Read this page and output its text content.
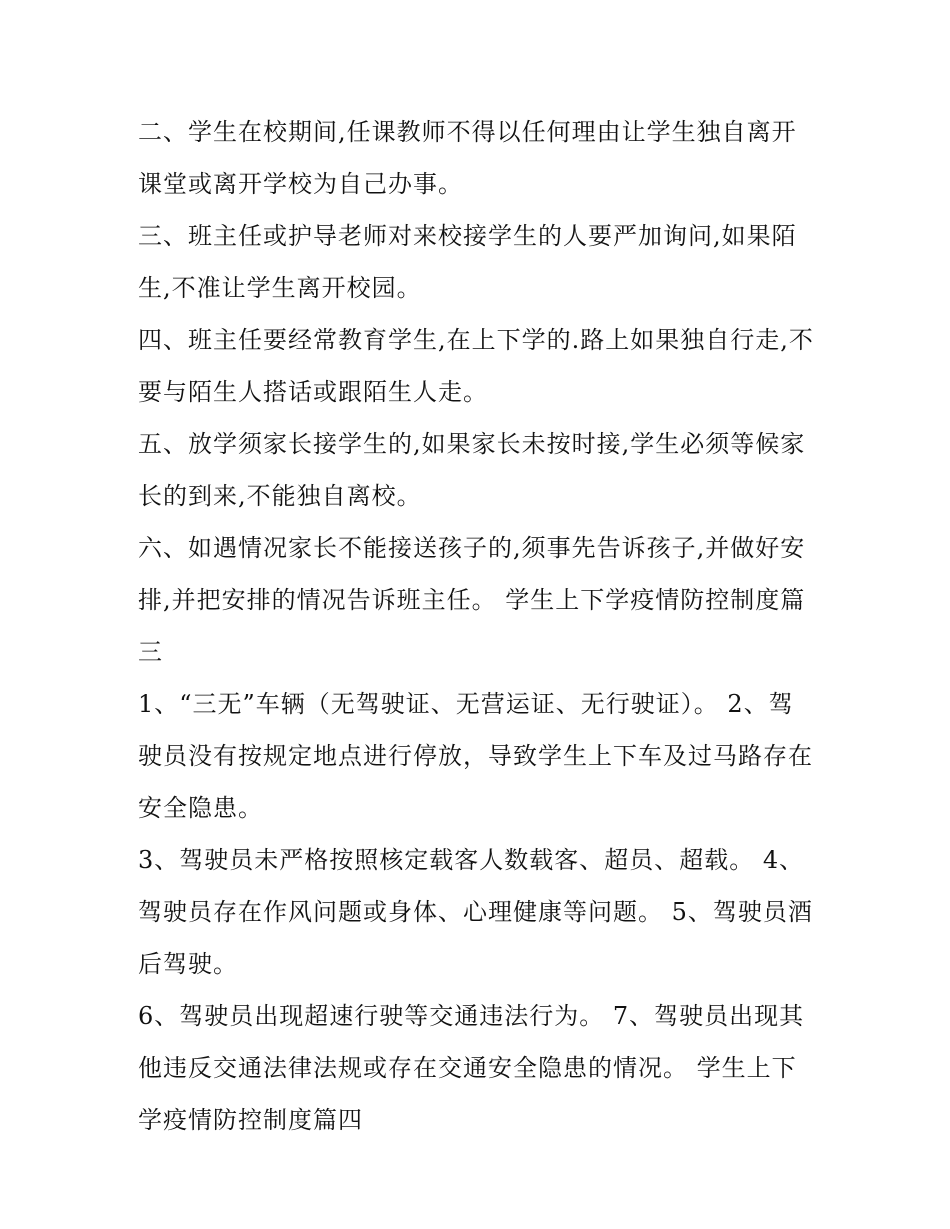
二、学生在校期间,任课教师不得以任何理由让学生独自离开课堂或离开学校为自己办事。

三、班主任或护导老师对来校接学生的人要严加询问,如果陌生,不准让学生离开校园。

四、班主任要经常教育学生,在上下学的.路上如果独自行走,不要与陌生人搭话或跟陌生人走。

五、放学须家长接学生的,如果家长未按时接,学生必须等候家长的到来,不能独自离校。

六、如遇情况家长不能接送孩子的,须事先告诉孩子,并做好安排,并把安排的情况告诉班主任。 学生上下学疫情防控制度篇三

1、“三无”车辆（无驾驶证、无营运证、无行驶证）。 2、驾驶员没有按规定地点进行停放，导致学生上下车及过马路存在安全隐患。

3、驾驶员未严格按照核定载客人数载客、超员、超载。 4、驾驶员存在作风问题或身体、心理健康等问题。 5、驾驶员酒后驾驶。

6、驾驶员出现超速行驶等交通违法行为。 7、驾驶员出现其他违反交通法律法规或存在交通安全隐患的情况。 学生上下学疫情防控制度篇四
